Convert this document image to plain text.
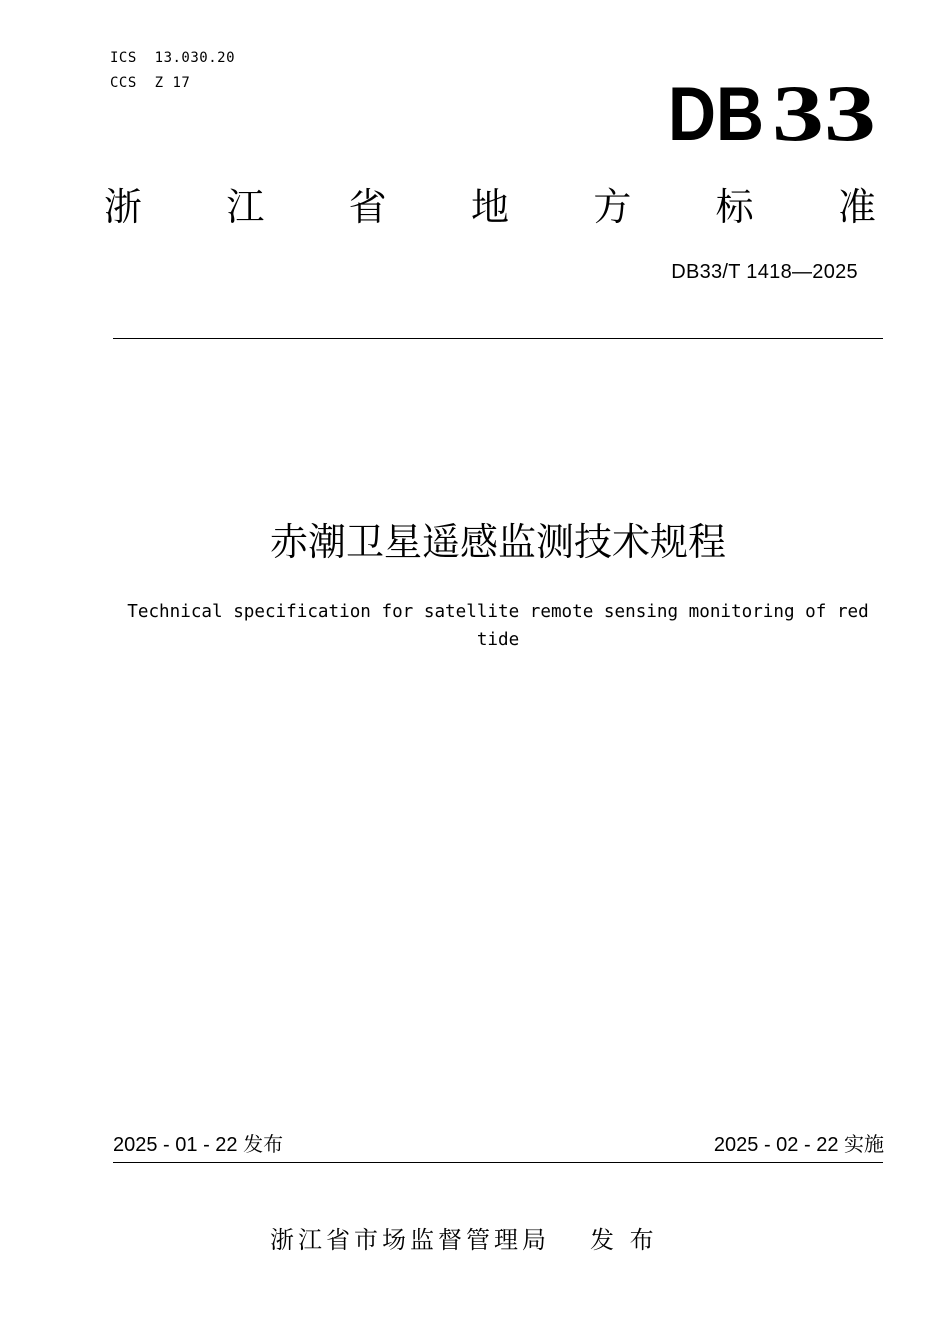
ICS  13.030.20
CCS  Z 17	DB 33
浙 江 省 地 方 标 准
DB33/T 1418—2025
赤潮卫星遥感监测技术规程
Technical specification for satellite remote sensing monitoring of red tide
2025 - 01 - 22 发布	2025 - 02 - 22 实施
浙江省市场监督管理局 发 布
